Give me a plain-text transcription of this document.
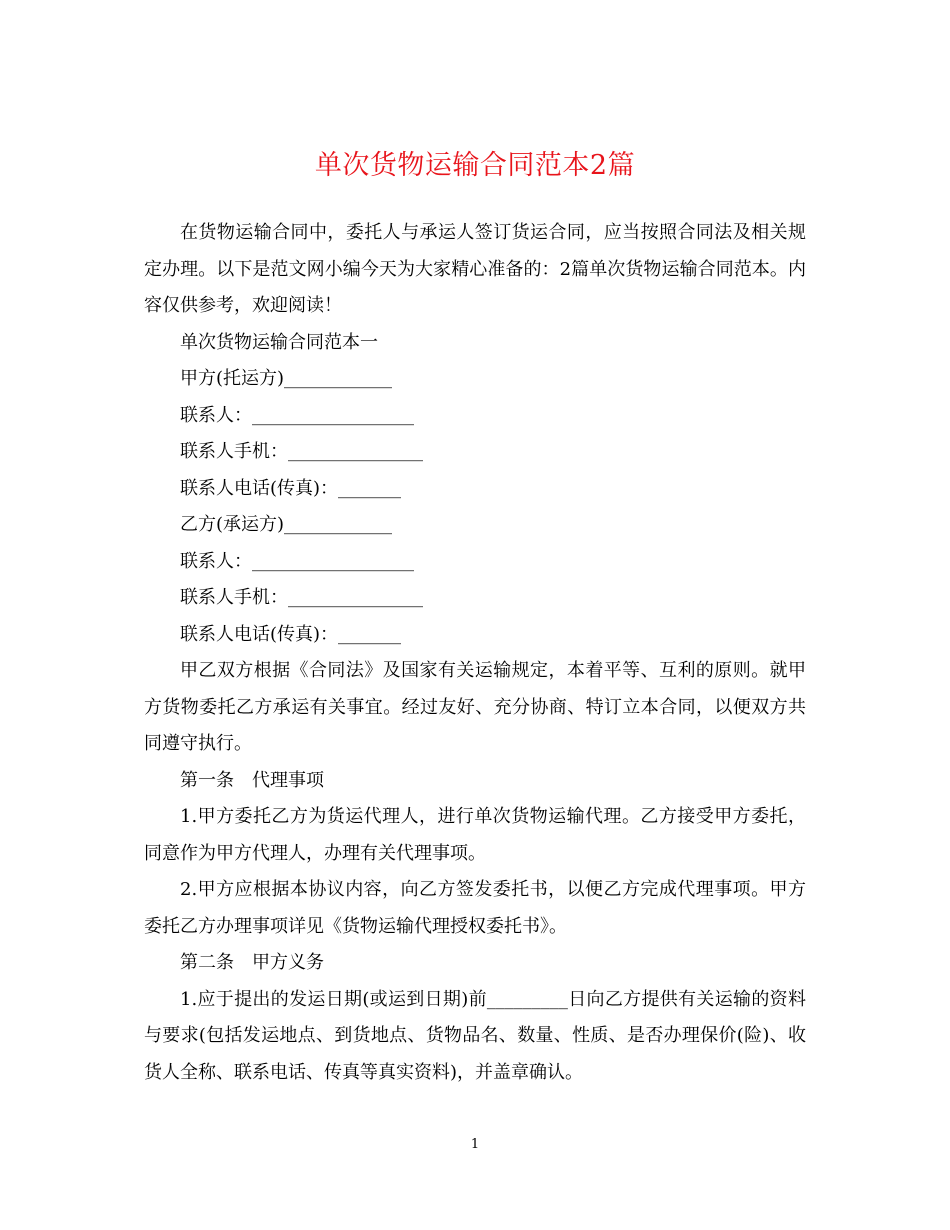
单次货物运输合同范本2篇

在货物运输合同中，委托人与承运人签订货运合同，应当按照合同法及相关规定办理。以下是范文网小编今天为大家精心准备的：2篇单次货物运输合同范本。内容仅供参考，欢迎阅读！

单次货物运输合同范本一

甲方(托运方)____________

联系人：__________________

联系人手机：_______________

联系人电话(传真)：_______

乙方(承运方)____________

联系人：__________________

联系人手机：_______________

联系人电话(传真)：_______

甲乙双方根据《合同法》及国家有关运输规定，本着平等、互利的原则。就甲方货物委托乙方承运有关事宜。经过友好、充分协商、特订立本合同，以便双方共同遵守执行。

第一条　代理事项

1.甲方委托乙方为货运代理人，进行单次货物运输代理。乙方接受甲方委托，同意作为甲方代理人，办理有关代理事项。

2.甲方应根据本协议内容，向乙方签发委托书，以便乙方完成代理事项。甲方委托乙方办理事项详见《货物运输代理授权委托书》。

第二条　甲方义务

1.应于提出的发运日期(或运到日期)前_________日向乙方提供有关运输的资料与要求(包括发运地点、到货地点、货物品名、数量、性质、是否办理保价(险)、收货人全称、联系电话、传真等真实资料)，并盖章确认。

1
